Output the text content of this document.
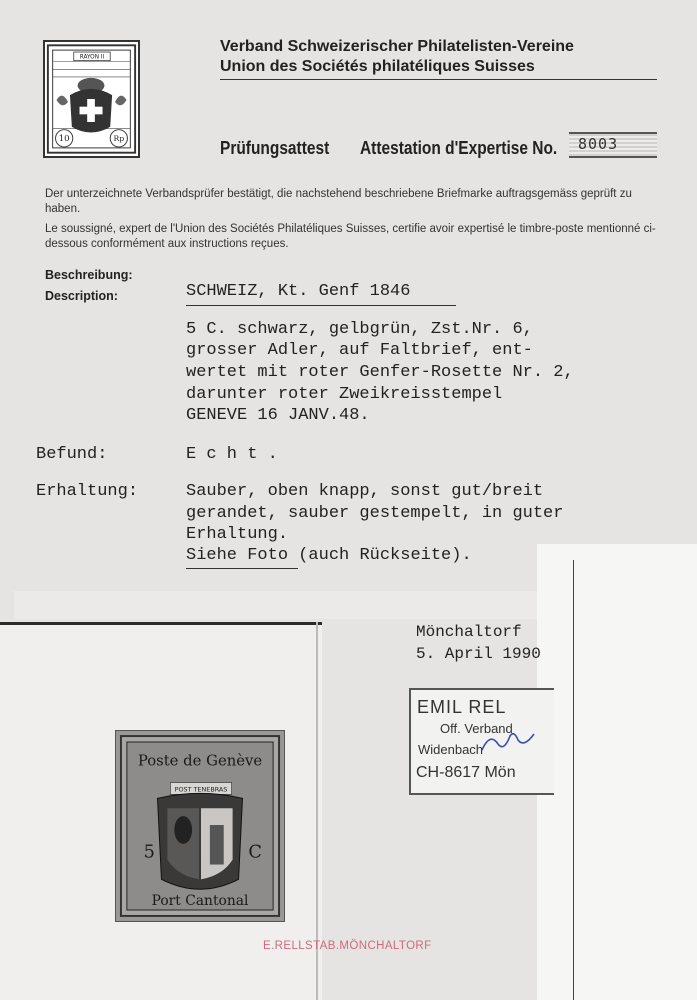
RAYON II
10	Rp
Verband Schweizerischer Philatelisten-Vereine
Union des Sociétés philatéliques Suisses
Prüfungsattest Attestation d'Expertise No. 8003
Der unterzeichnete Verbandsprüfer bestätigt, die nachstehend beschriebene Briefmarke auftragsgemäss geprüft zu haben.
Le soussigné, expert de l'Union des Sociétés Philatéliques Suisses, certifie avoir expertisé le timbre-poste mentionné ci-dessous conformément aux instructions reçues.
Beschreibung:
Description:	SCHWEIZ, Kt. Genf 1846
5 C. schwarz, gelbgrün, Zst.Nr. 6,
grosser Adler, auf Faltbrief, ent-
wertet mit roter Genfer-Rosette Nr. 2,
darunter roter Zweikreisstempel
GENEVE 16 JANV.48.
Befund:	E c h t .
Erhaltung:	Sauber, oben knapp, sonst gut/breit
gerandet, sauber gestempelt, in guter
Erhaltung.
Siehe Foto (auch Rückseite).
Poste de Genève
POST TENEBRAS
5	C
Port Cantonal
E.RELLSTAB.MÖNCHALTORF
Mönchaltorf
5. April 1990
EMIL REL
Off. Verband
Widenbach
CH-8617 Mön
